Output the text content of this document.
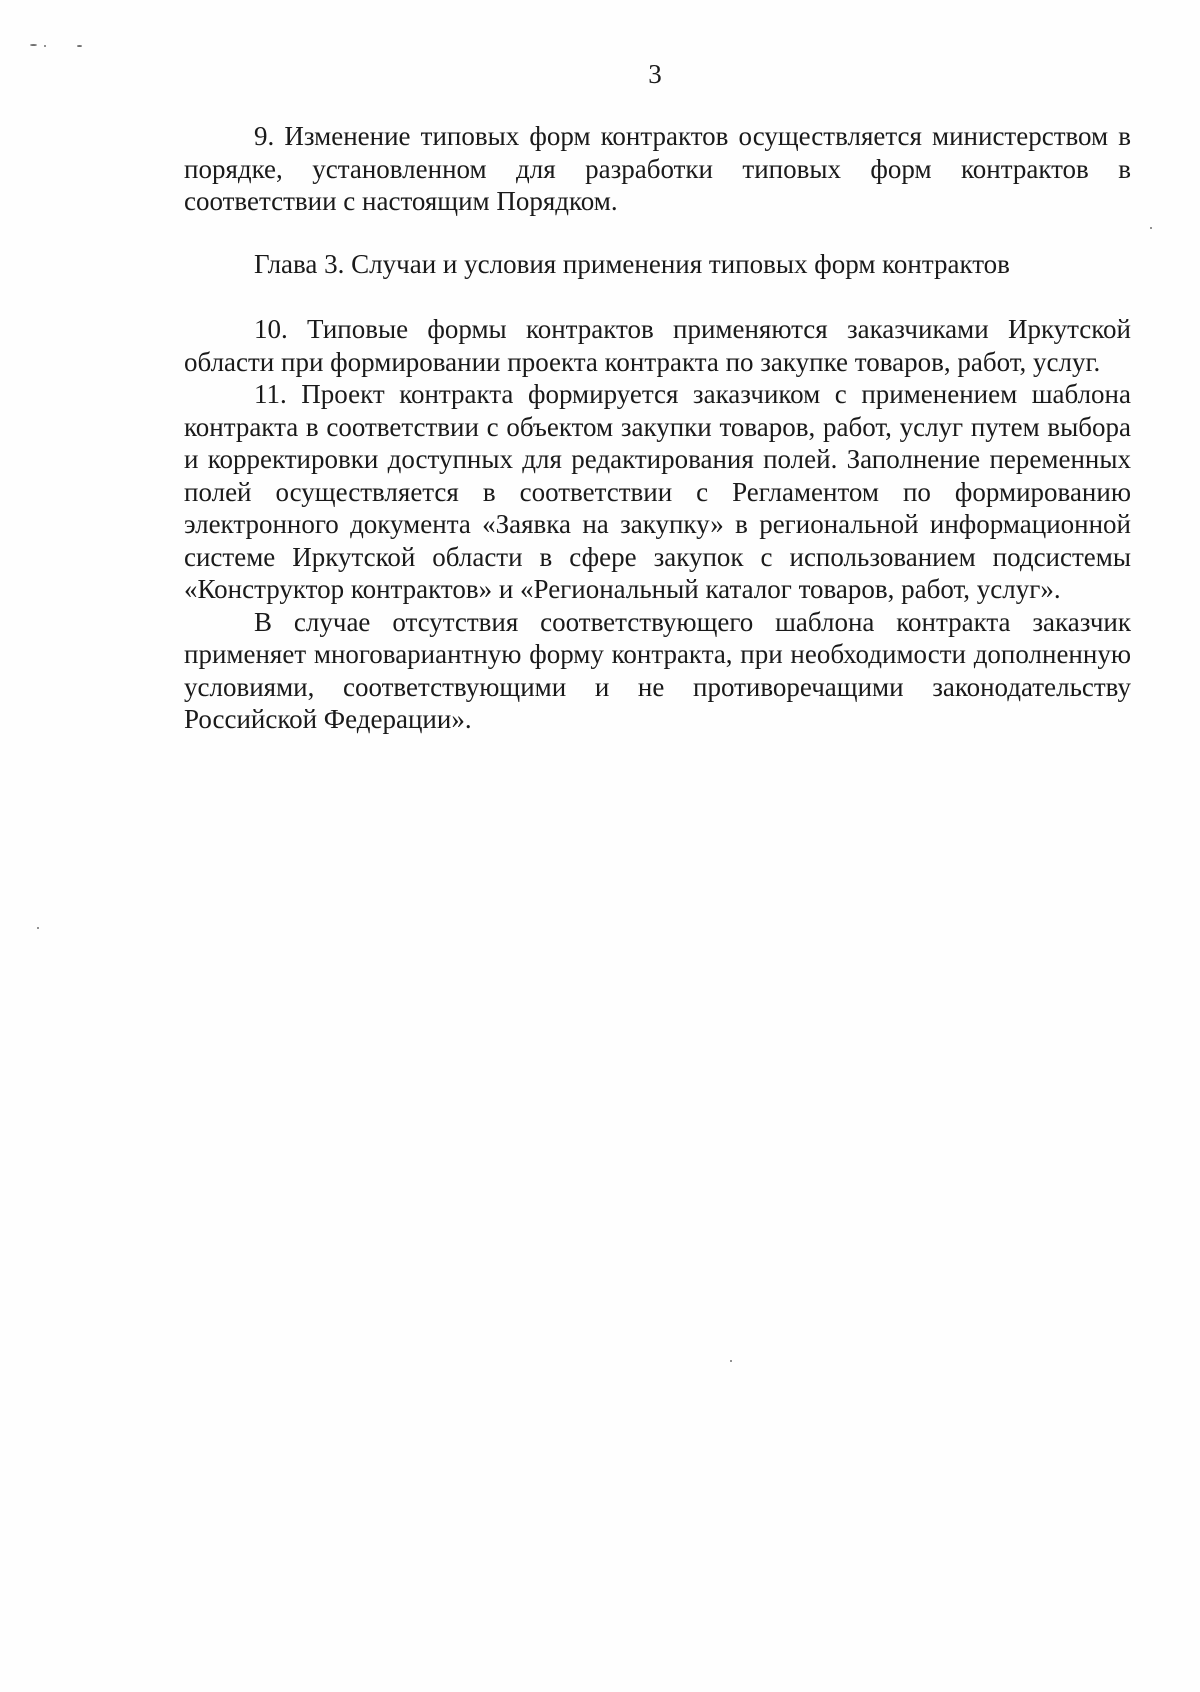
3

9. Изменение типовых форм контрактов осуществляется министерством в порядке, установленном для разработки типовых форм контрактов в соответствии с настоящим Порядком.

Глава 3. Случаи и условия применения типовых форм контрактов

10. Типовые формы контрактов применяются заказчиками Иркутской области при формировании проекта контракта по закупке товаров, работ, услуг.

11. Проект контракта формируется заказчиком с применением шаблона контракта в соответствии с объектом закупки товаров, работ, услуг путем выбора и корректировки доступных для редактирования полей. Заполнение переменных полей осуществляется в соответствии с Регламентом по формированию электронного документа «Заявка на закупку» в региональной информационной системе Иркутской области в сфере закупок с использованием подсистемы «Конструктор контрактов» и «Региональный каталог товаров, работ, услуг».

В случае отсутствия соответствующего шаблона контракта заказчик применяет многовариантную форму контракта, при необходимости дополненную условиями, соответствующими и не противоречащими законодательству Российской Федерации».
